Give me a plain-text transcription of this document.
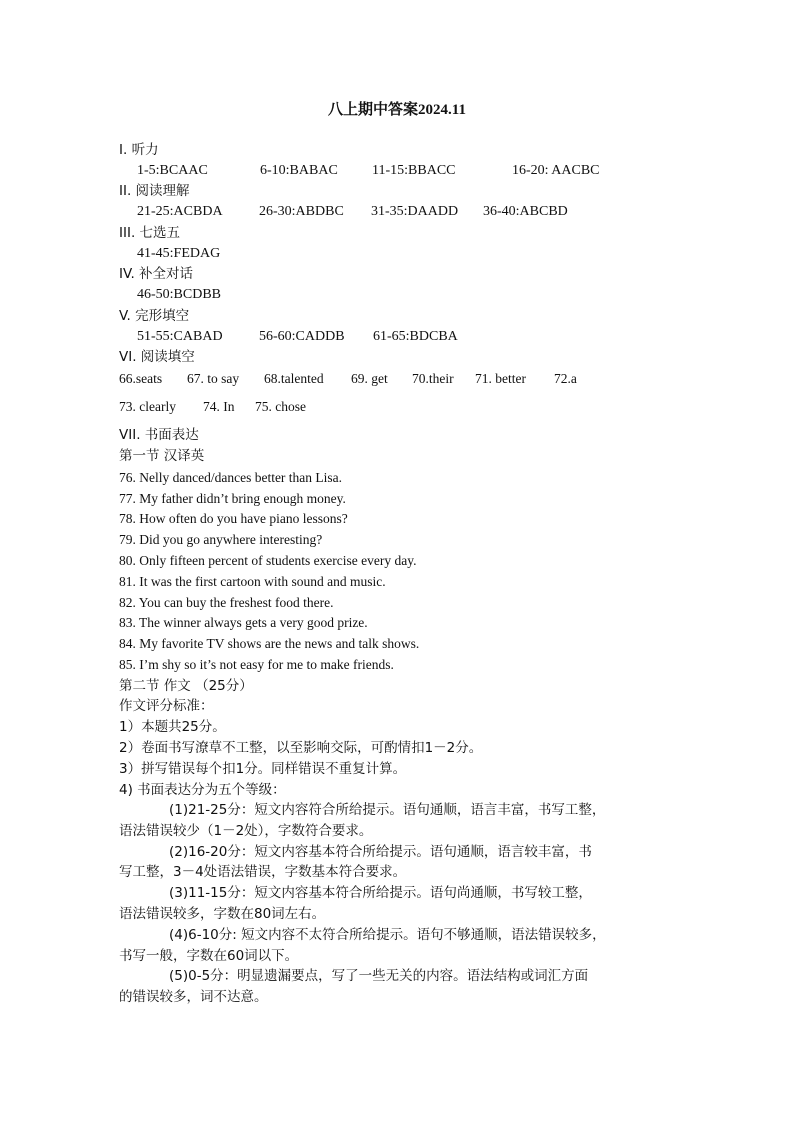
八上期中答案2024.11
I. 听力
1-5:BCAAC	6-10:BABAC 11-15:BBACC	16-20: AACBC
II. 阅读理解
21-25:ACBDA	26-30:ABDBC 31-35:DAADD 36-40:ABCBD
III. 七选五
41-45:FEDAG
IV. 补全对话
46-50:BCDBB
V. 完形填空
51-55:CABAD	56-60:CADDB 61-65:BDCBA
VI. 阅读填空
66.seats 67. to say 68.talented 69. get 70.their 71. better 72.a
73. clearly 74. In 75. chose
VII. 书面表达
第一节 汉译英
76. Nelly danced/dances better than Lisa.
77. My father didn’t bring enough money.
78. How often do you have piano lessons?
79. Did you go anywhere interesting?
80. Only fifteen percent of students exercise every day.
81. It was the first cartoon with sound and music.
82. You can buy the freshest food there.
83. The winner always gets a very good prize.
84. My favorite TV shows are the news and talk shows.
85. I’m shy so it’s not easy for me to make friends.
第二节 作文 （25分）
作文评分标准：
1）本题共25分。
2）卷面书写潦草不工整，以至影响交际，可酌情扣1－2分。
3）拼写错误每个扣1分。同样错误不重复计算。
4) 书面表达分为五个等级：
(1)21-25分：短文内容符合所给提示。语句通顺，语言丰富，书写工整，
语法错误较少（1－2处），字数符合要求。
(2)16-20分：短文内容基本符合所给提示。语句通顺，语言较丰富，书
写工整，3－4处语法错误，字数基本符合要求。
(3)11-15分：短文内容基本符合所给提示。语句尚通顺，书写较工整，
语法错误较多，字数在80词左右。
(4)6-10分: 短文内容不太符合所给提示。语句不够通顺，语法错误较多，
书写一般，字数在60词以下。
(5)0-5分：明显遗漏要点，写了一些无关的内容。语法结构或词汇方面
的错误较多，词不达意。
